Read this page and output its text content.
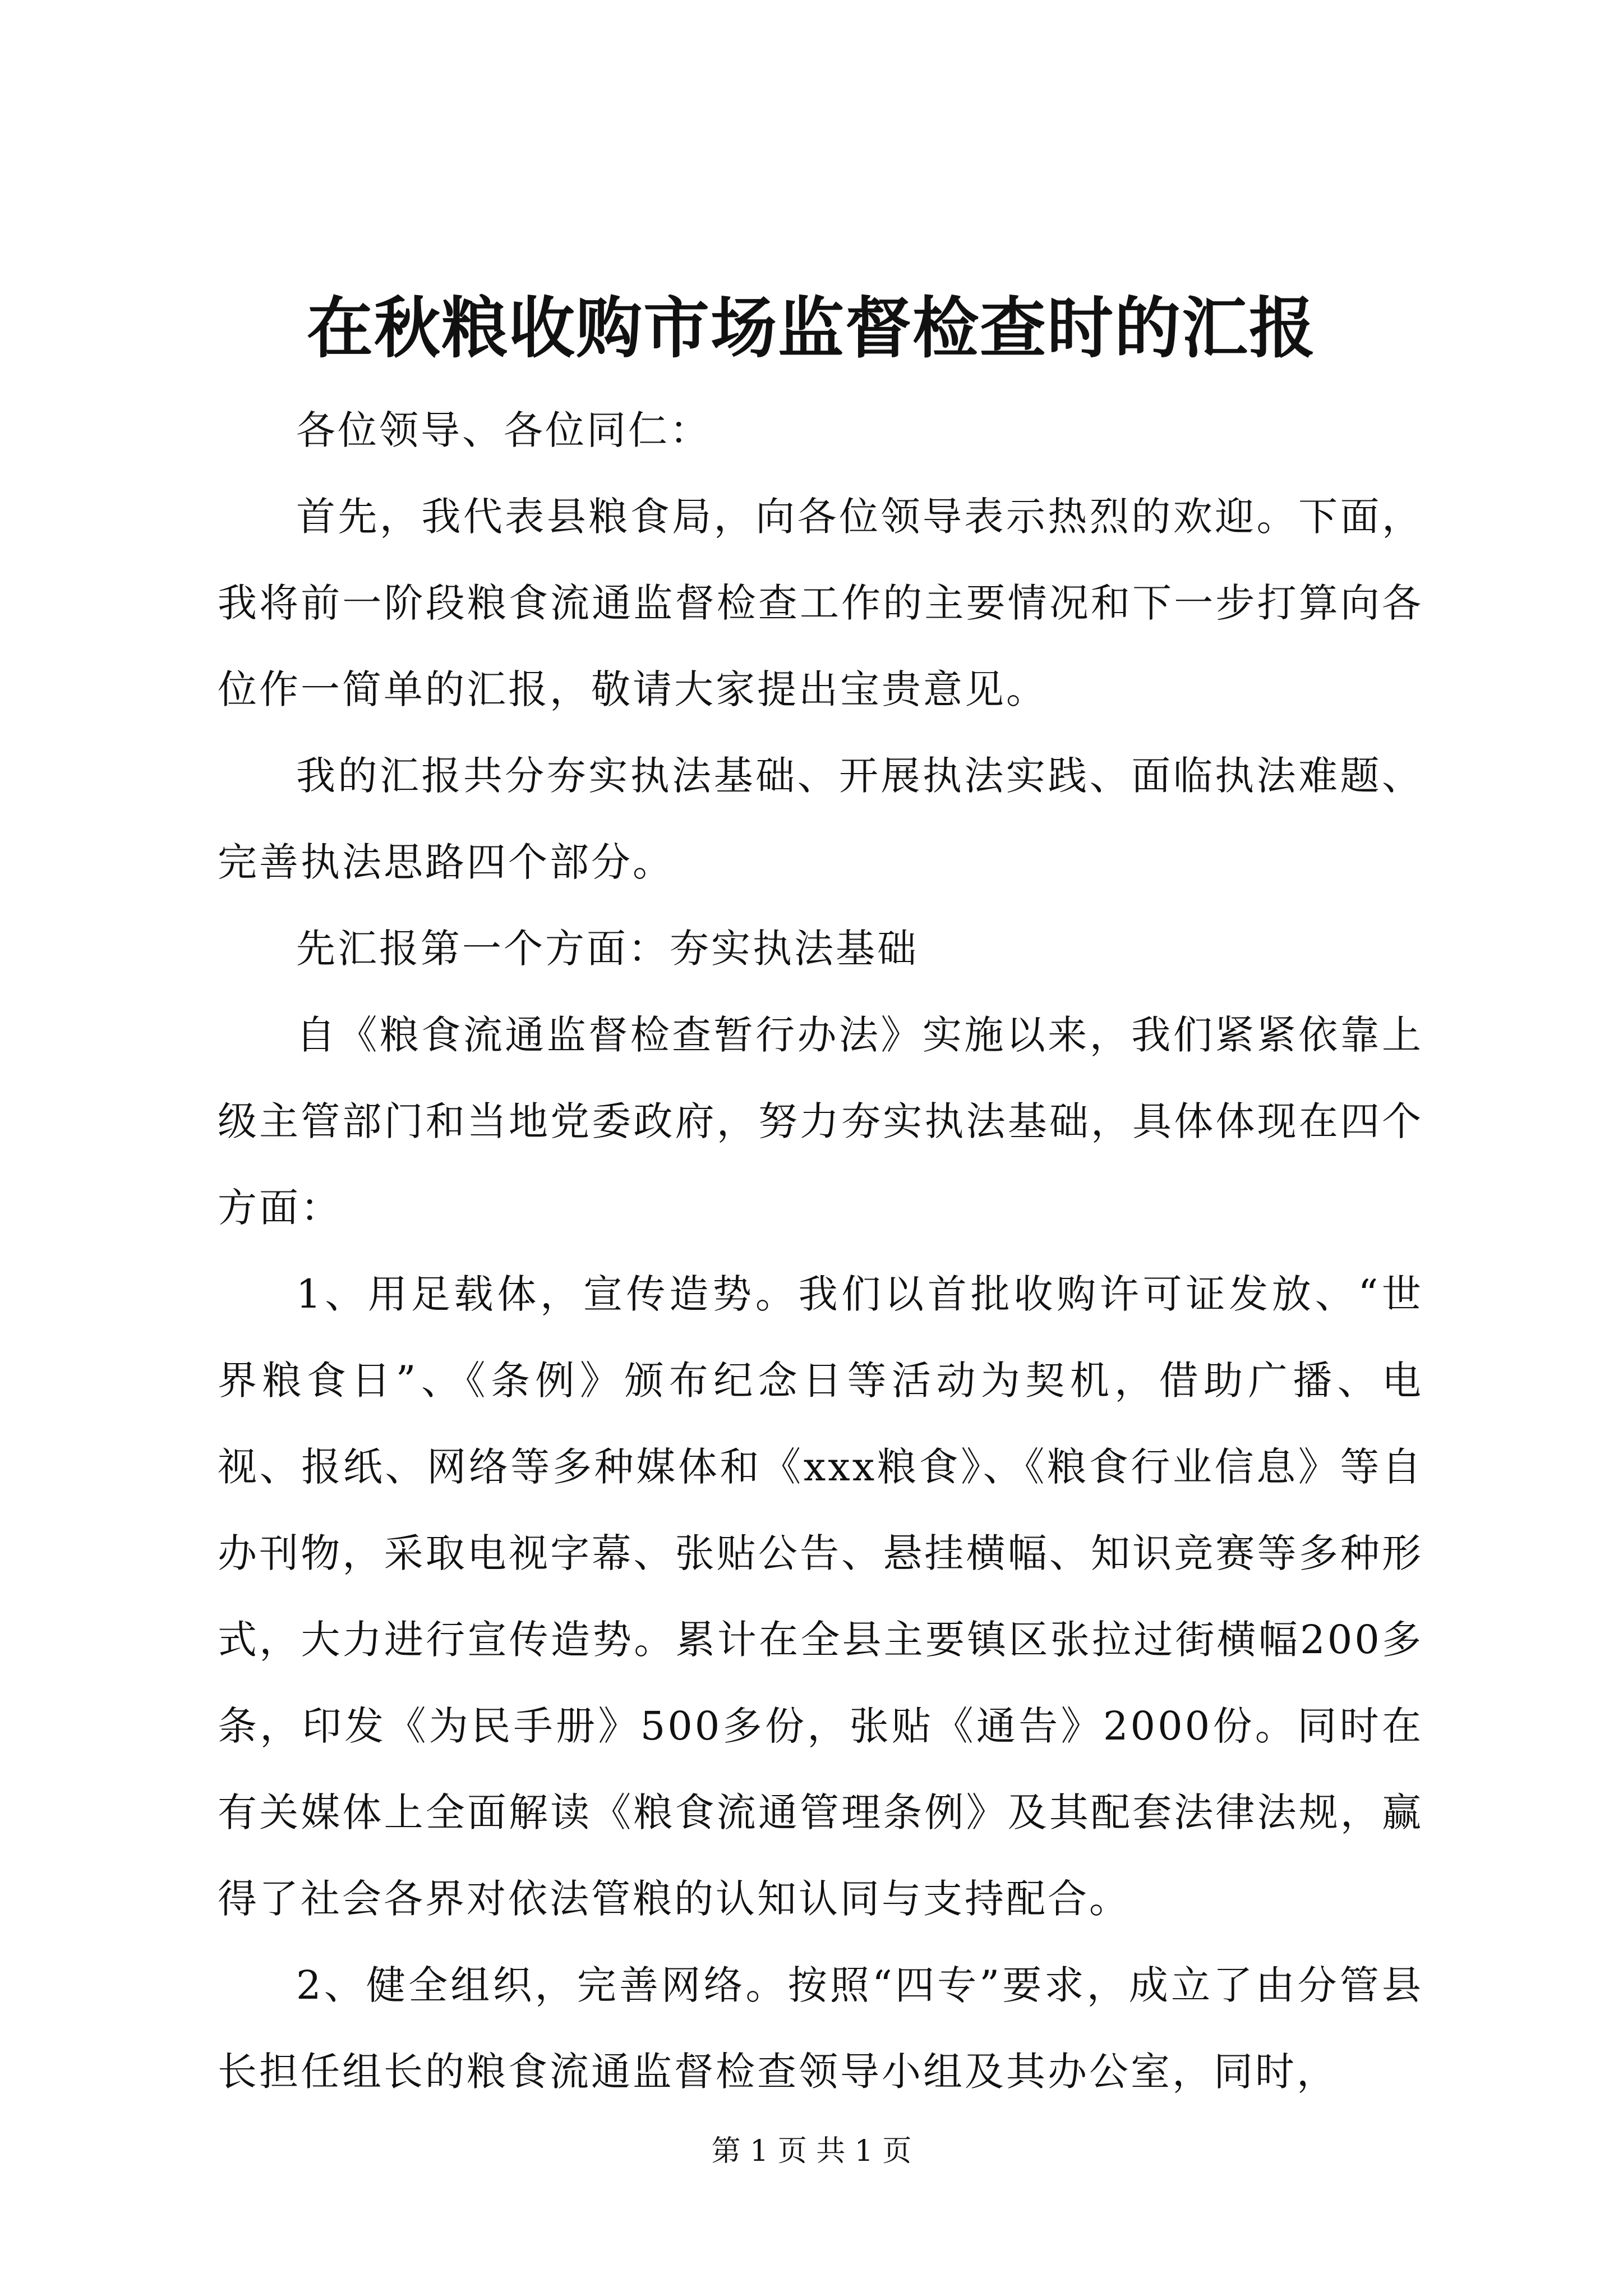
在秋粮收购市场监督检查时的汇报

各位领导、各位同仁：

首先，我代表县粮食局，向各位领导表示热烈的欢迎。下面，我将前一阶段粮食流通监督检查工作的主要情况和下一步打算向各位作一简单的汇报，敬请大家提出宝贵意见。

我的汇报共分夯实执法基础、开展执法实践、面临执法难题、完善执法思路四个部分。

先汇报第一个方面：夯实执法基础

自《粮食流通监督检查暂行办法》实施以来，我们紧紧依靠上级主管部门和当地党委政府，努力夯实执法基础，具体体现在四个方面：

1、用足载体，宣传造势。我们以首批收购许可证发放、“世界粮食日”、《条例》颁布纪念日等活动为契机，借助广播、电视、报纸、网络等多种媒体和《xxx粮食》、《粮食行业信息》等自办刊物，采取电视字幕、张贴公告、悬挂横幅、知识竞赛等多种形式，大力进行宣传造势。累计在全县主要镇区张拉过街横幅200多条，印发《为民手册》500多份，张贴《通告》2000份。同时在有关媒体上全面解读《粮食流通管理条例》及其配套法律法规，赢得了社会各界对依法管粮的认知认同与支持配合。

2、健全组织，完善网络。按照“四专”要求，成立了由分管县长担任组长的粮食流通监督检查领导小组及其办公室，同时，

第 1 页 共 1 页
